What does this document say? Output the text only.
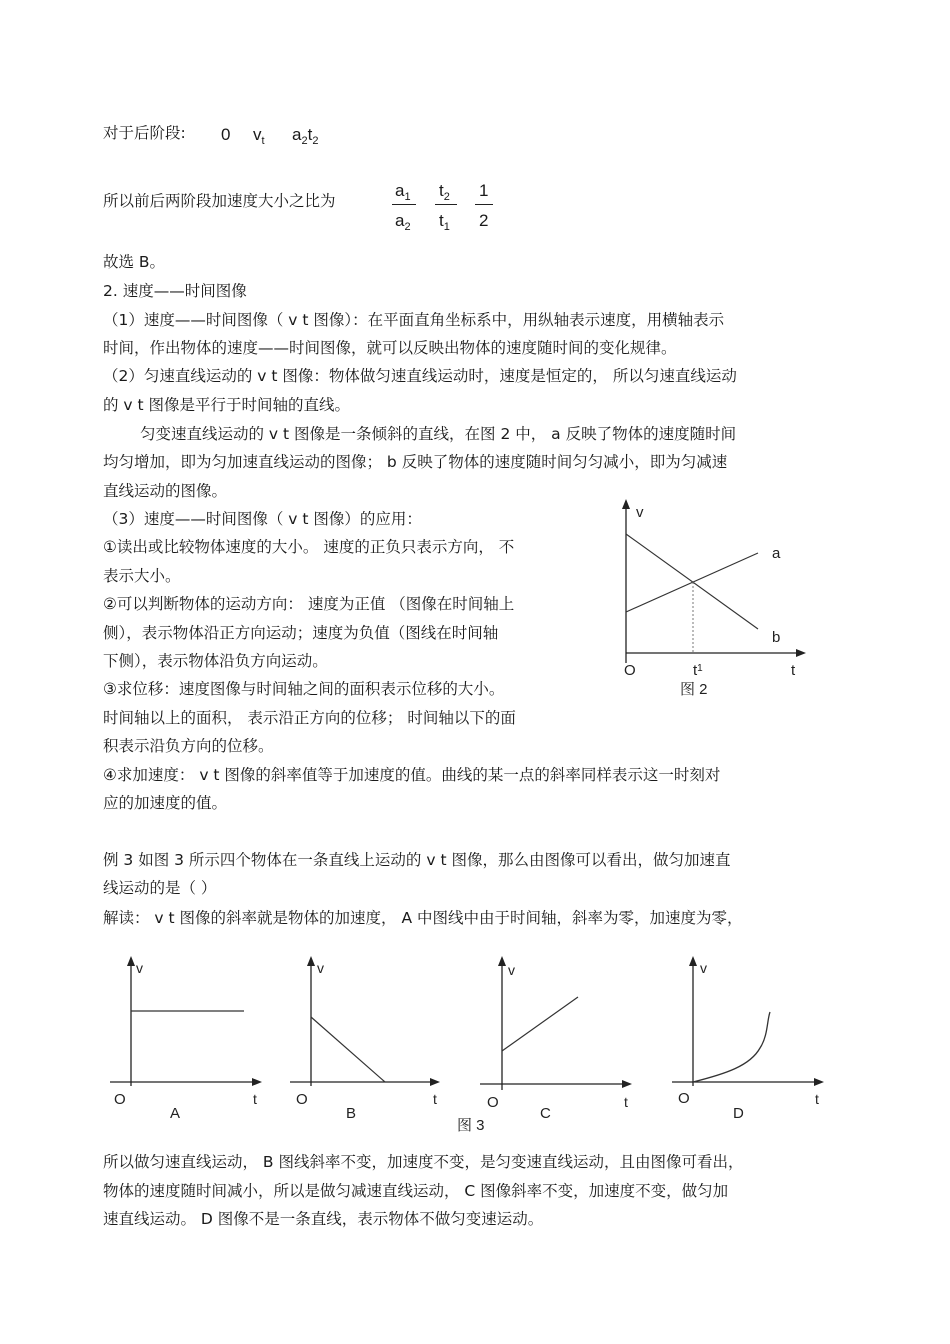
对于后阶段: 0 $v_t$ $a_2t_2$
所以前后两阶段加速度大小之比为
$a_1$
$a_2$
$t_2$
$t_1$
1
2
故选 B。
2. 速度——时间图像
（1）速度——时间图像（ v t 图像）：在平面直角坐标系中，用纵轴表示速度，用横轴表示
时间，作出物体的速度——时间图像，就可以反映出物体的速度随时间的变化规律。
（2）匀速直线运动的 v t 图像：物体做匀速直线运动时，速度是恒定的， 所以匀速直线运动
的 v t 图像是平行于时间轴的直线。
匀变速直线运动的 v t 图像是一条倾斜的直线，在图 2 中， a 反映了物体的速度随时间
均匀增加，即为匀加速直线运动的图像； b 反映了物体的速度随时间匀匀减小，即为匀减速
直线运动的图像。
（3）速度——时间图像（ v t 图像）的应用：
①读出或比较物体速度的大小。 速度的正负只表示方向， 不
表示大小。
②可以判断物体的运动方向： 速度为正值 （图像在时间轴上
侧），表示物体沿正方向运动；速度为负值（图线在时间轴
下侧），表示物体沿负方向运动。
③求位移：速度图像与时间轴之间的面积表示位移的大小。
时间轴以上的面积， 表示沿正方向的位移； 时间轴以下的面
积表示沿负方向的位移。
④求加速度： v t 图像的斜率值等于加速度的值。曲线的某一点的斜率同样表示这一时刻对
应的加速度的值。
v
a
b
O	$t^1$	t
图 2
例 3 如图 3 所示四个物体在一条直线上运动的 v t 图像，那么由图像可以看出，做匀加速直
线运动的是（ ）
解读： v t 图像的斜率就是物体的加速度， A 中图线中由于时间轴，斜率为零，加速度为零，
v
O	t
A
v
O	t
B
v
O	t
C
v
O	t
D
图 3
所以做匀速直线运动， B 图线斜率不变，加速度不变，是匀变速直线运动，且由图像可看出，
物体的速度随时间减小，所以是做匀减速直线运动， C 图像斜率不变，加速度不变，做匀加
速直线运动。 D 图像不是一条直线，表示物体不做匀变速运动。
